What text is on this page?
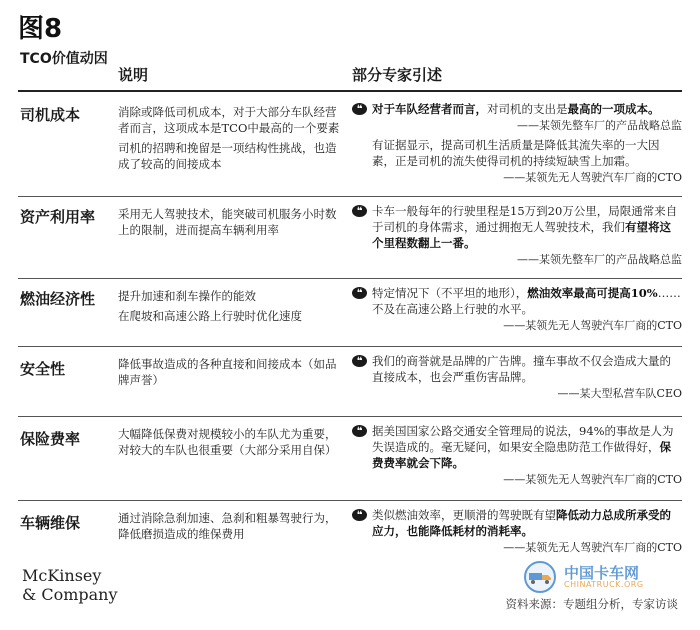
图8
TCO价值动因
说明	部分专家引述
司机成本	消除或降低司机成本，对于大部分车队经营者而言，这项成本是TCO中最高的一个要素

司机的招聘和挽留是一项结构性挑战，也造成了较高的间接成本

❝ 对于车队经营者而言，对司机的支出是最高的一项成本。
——某领先整车厂的产品战略总监
有证据显示，提高司机生活质量是降低其流失率的一大因素，正是司机的流失使得司机的持续短缺雪上加霜。
——某领先无人驾驶汽车厂商的CTO
资产利用率	采用无人驾驶技术，能突破司机服务小时数上的限制，进而提高车辆利用率

❝ 卡车一般每年的行驶里程是15万到20万公里，局限通常来自于司机的身体需求，通过拥抱无人驾驶技术，我们有望将这个里程数翻上一番。
——某领先整车厂的产品战略总监
燃油经济性	提升加速和刹车操作的能效

在爬坡和高速公路上行驶时优化速度

❝ 特定情况下（不平坦的地形），燃油效率最高可提高10%……不及在高速公路上行驶的水平。
——某领先无人驾驶汽车厂商的CTO
安全性	降低事故造成的各种直接和间接成本（如品牌声誉）

❝ 我们的商誉就是品牌的广告牌。撞车事故不仅会造成大量的直接成本，也会严重伤害品牌。
——某大型私营车队CEO
保险费率	大幅降低保费对规模较小的车队尤为重要，对较大的车队也很重要（大部分采用自保）

❝ 据美国国家公路交通安全管理局的说法，94%的事故是人为失误造成的。毫无疑问，如果安全隐患防范工作做得好，保费费率就会下降。
——某领先无人驾驶汽车厂商的CTO
车辆维保	通过消除急刹加速、急刹和粗暴驾驶行为，降低磨损造成的维保费用

❝ 类似燃油效率，更顺滑的驾驶既有望降低动力总成所承受的应力，也能降低耗材的消耗率。
——某领先无人驾驶汽车厂商的CTO
McKinsey
& Company
中国卡车网
CHINATRUCK.ORG
资料来源：专题组分析，专家访谈
